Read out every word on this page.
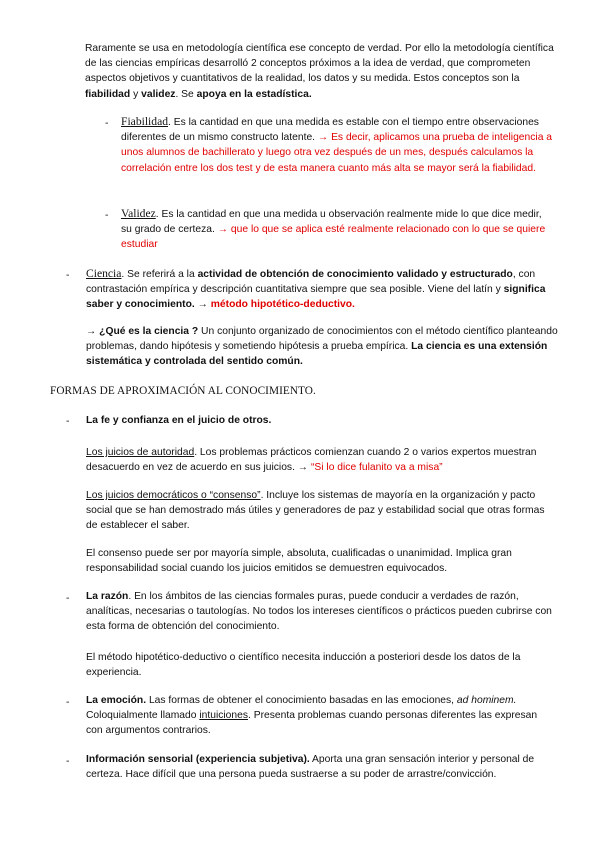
Raramente se usa en metodología científica ese concepto de verdad. Por ello la metodología científica de las ciencias empíricas desarrolló 2 conceptos próximos a la idea de verdad, que comprometen aspectos objetivos y cuantitativos de la realidad, los datos y su medida. Estos conceptos son la fiabilidad y validez. Se apoya en la estadística.

- Fiabilidad. Es la cantidad en que una medida es estable con el tiempo entre observaciones diferentes de un mismo constructo latente. → Es decir, aplicamos una prueba de inteligencia a unos alumnos de bachillerato y luego otra vez después de un mes, después calculamos la correlación entre los dos test y de esta manera cuanto más alta se mayor será la fiabilidad.

- Validez. Es la cantidad en que una medida u observación realmente mide lo que dice medir, su grado de certeza. → que lo que se aplica esté realmente relacionado con lo que se quiere estudiar

- Ciencia. Se referirá a la actividad de obtención de conocimiento validado y estructurado, con contrastación empírica y descripción cuantitativa siempre que sea posible. Viene del latín y significa saber y conocimiento. → método hipotético-deductivo.

→ ¿Qué es la ciencia ? Un conjunto organizado de conocimientos con el método científico planteando problemas, dando hipótesis y sometiendo hipótesis a prueba empírica. La ciencia es una extensión sistemática y controlada del sentido común.

FORMAS DE APROXIMACIÓN AL CONOCIMIENTO.
- La fe y confianza en el juicio de otros.

Los juicios de autoridad. Los problemas prácticos comienzan cuando 2 o varios expertos muestran desacuerdo en vez de acuerdo en sus juicios. → “Si lo dice fulanito va a misa”

Los juicios democráticos o “consenso”. Incluye los sistemas de mayoría en la organización y pacto social que se han demostrado más útiles y generadores de paz y estabilidad social que otras formas de establecer el saber.

El consenso puede ser por mayoría simple, absoluta, cualificadas o unanimidad. Implica gran responsabilidad social cuando los juicios emitidos se demuestren equivocados.

- La razón. En los ámbitos de las ciencias formales puras, puede conducir a verdades de razón, analíticas, necesarias o tautologías. No todos los intereses científicos o prácticos pueden cubrirse con esta forma de obtención del conocimiento.

El método hipotético-deductivo o científico necesita inducción a posteriori desde los datos de la experiencia.

- La emoción. Las formas de obtener el conocimiento basadas en las emociones, ad hominem. Coloquialmente llamado intuiciones. Presenta problemas cuando personas diferentes las expresan con argumentos contrarios.

- Información sensorial (experiencia subjetiva). Aporta una gran sensación interior y personal de certeza. Hace difícil que una persona pueda sustraerse a su poder de arrastre/convicción.
